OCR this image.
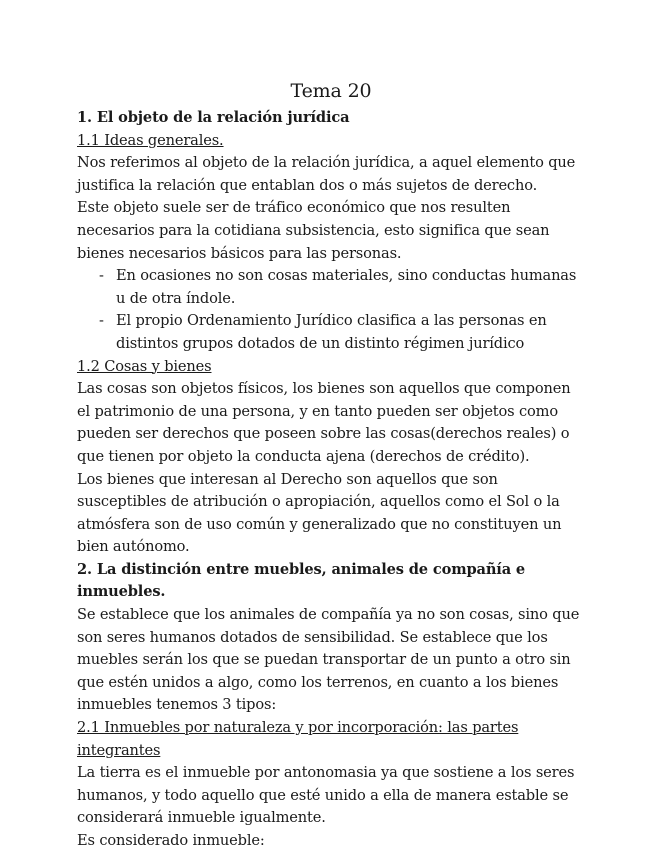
Tema 20
1. El objeto de la relación jurídica
1.1 Ideas generales.

Nos referimos al objeto de la relación jurídica, a aquel elemento que justifica la relación que entablan dos o más sujetos de derecho.

Este objeto suele ser de tráfico económico que nos resulten necesarios para la cotidiana subsistencia, esto significa que sean bienes necesarios básicos para las personas.

- En ocasiones no son cosas materiales, sino conductas humanas u de otra índole.
- El propio Ordenamiento Jurídico clasifica a las personas en distintos grupos dotados de un distinto régimen jurídico
1.2 Cosas y bienes

Las cosas son objetos físicos, los bienes son aquellos que componen el patrimonio de una persona, y en tanto pueden ser objetos como pueden ser derechos que poseen sobre las cosas(derechos reales) o que tienen por objeto la conducta ajena (derechos de crédito).

Los bienes que interesan al Derecho son aquellos que son susceptibles de atribución o apropiación, aquellos como el Sol o la atmósfera son de uso común y generalizado que no constituyen un bien autónomo.

2. La distinción entre muebles, animales de compañía e inmuebles.

Se establece que los animales de compañía ya no son cosas, sino que son seres humanos dotados de sensibilidad. Se establece que los muebles serán los que se puedan transportar de un punto a otro sin que estén unidos a algo, como los terrenos, en cuanto a los bienes inmuebles tenemos 3 tipos:

2.1 Inmuebles por naturaleza y por incorporación: las partes integrantes

La tierra es el inmueble por antonomasia ya que sostiene a los seres humanos, y todo aquello que esté unido a ella de manera estable se considerará inmueble igualmente.

Es considerado inmueble:
